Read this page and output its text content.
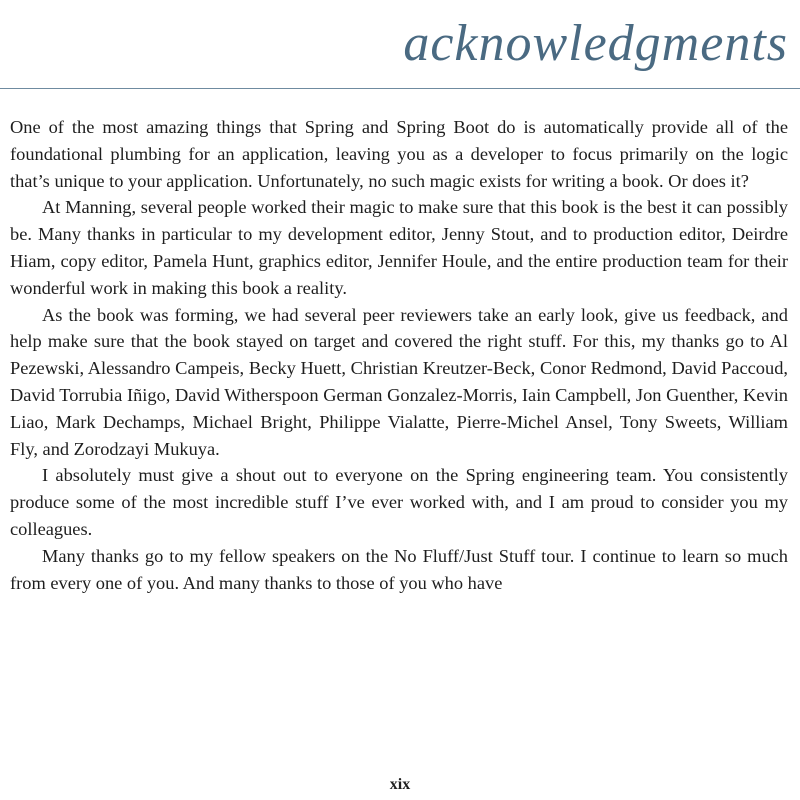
acknowledgments

One of the most amazing things that Spring and Spring Boot do is automatically provide all of the foundational plumbing for an application, leaving you as a developer to focus primarily on the logic that’s unique to your application. Unfortunately, no such magic exists for writing a book. Or does it?

At Manning, several people worked their magic to make sure that this book is the best it can possibly be. Many thanks in particular to my development editor, Jenny Stout, and to production editor, Deirdre Hiam, copy editor, Pamela Hunt, graphics editor, Jennifer Houle, and the entire production team for their wonderful work in making this book a reality.

As the book was forming, we had several peer reviewers take an early look, give us feedback, and help make sure that the book stayed on target and covered the right stuff. For this, my thanks go to Al Pezewski, Alessandro Campeis, Becky Huett, Christian Kreutzer-Beck, Conor Redmond, David Paccoud, David Torrubia Iñigo, David Witherspoon German Gonzalez-Morris, Iain Campbell, Jon Guenther, Kevin Liao, Mark Dechamps, Michael Bright, Philippe Vialatte, Pierre-Michel Ansel, Tony Sweets, William Fly, and Zorodzayi Mukuya.

I absolutely must give a shout out to everyone on the Spring engineering team. You consistently produce some of the most incredible stuff I’ve ever worked with, and I am proud to consider you my colleagues.

Many thanks go to my fellow speakers on the No Fluff/Just Stuff tour. I continue to learn so much from every one of you. And many thanks to those of you who have

xix
